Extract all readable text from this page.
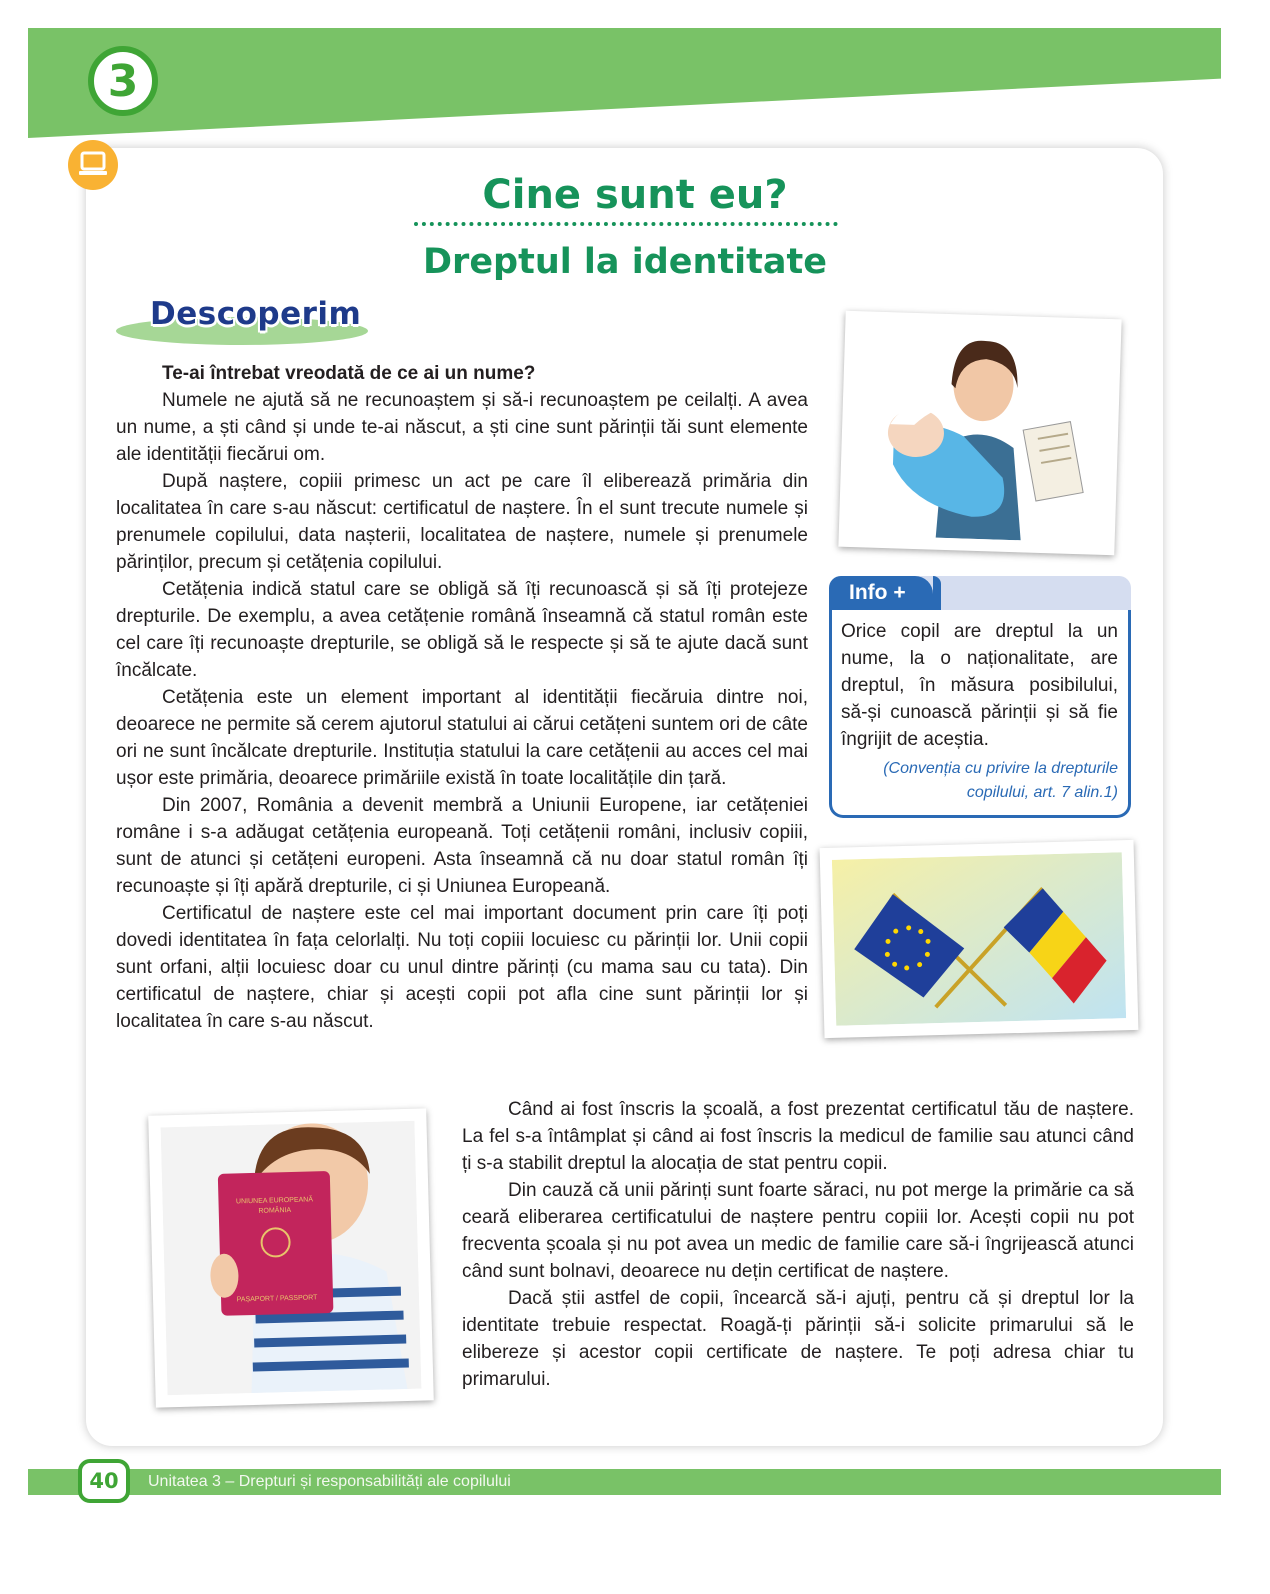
3
Cine sunt eu?
Dreptul la identitate
Descoperim

Te-ai întrebat vreodată de ce ai un nume?

Numele ne ajută să ne recunoaștem și să-i recunoaștem pe ceilalți. A avea un nume, a ști când și unde te-ai născut, a ști cine sunt părinții tăi sunt elemente ale identității fiecărui om.

După naștere, copiii primesc un act pe care îl eliberează primăria din localitatea în care s-au născut: certificatul de naștere. În el sunt trecute numele și prenumele copilului, data nașterii, localitatea de naștere, numele și prenumele părinților, precum și cetățenia copilului.

Cetățenia indică statul care se obligă să îți recunoască și să îți protejeze drepturile. De exemplu, a avea cetățenie română înseamnă că statul român este cel care îți recunoaște drepturile, se obligă să le respecte și să te ajute dacă sunt încălcate.

Cetățenia este un element important al identității fiecăruia dintre noi, deoarece ne permite să cerem ajutorul statului ai cărui cetățeni suntem ori de câte ori ne sunt încălcate drepturile. Instituția statului la care cetățenii au acces cel mai ușor este primăria, deoarece primăriile există în toate localitățile din țară.

Din 2007, România a devenit membră a Uniunii Europene, iar cetățeniei române i s-a adăugat cetățenia europeană. Toți cetățenii români, inclusiv copiii, sunt de atunci și cetățeni europeni. Asta înseamnă că nu doar statul român îți recunoaște și îți apără drepturile, ci și Uniunea Europeană.

Certificatul de naștere este cel mai important document prin care îți poți dovedi identitatea în fața celorlalți. Nu toți copiii locuiesc cu părinții lor. Unii copii sunt orfani, alții locuiesc doar cu unul dintre părinți (cu mama sau cu tata). Din certificatul de naștere, chiar și acești copii pot afla cine sunt părinții lor și localitatea în care s-au născut.

Info +
Orice copil are dreptul la un nume, la o naționalitate, are dreptul, în măsura posibilului, să-și cunoască părinții și să fie îngrijit de aceștia.
(Convenția cu privire la drepturile copilului, art. 7 alin.1)
UNIUNEA EUROPEANĂ
ROMÂNIA
PAȘAPORT / PASSPORT

Când ai fost înscris la școală, a fost prezentat certificatul tău de naștere. La fel s-a întâmplat și când ai fost înscris la medicul de familie sau atunci când ți s-a stabilit dreptul la alocația de stat pentru copii.

Din cauză că unii părinți sunt foarte săraci, nu pot merge la primărie ca să ceară eliberarea certificatului de naștere pentru copiii lor. Acești copii nu pot frecventa școala și nu pot avea un medic de familie care să-i îngrijească atunci când sunt bolnavi, deoarece nu dețin certificat de naștere.

Dacă știi astfel de copii, încearcă să-i ajuți, pentru că și dreptul lor la identitate trebuie respectat. Roagă-ți părinții să-i solicite primarului să le elibereze și acestor copii certificate de naștere. Te poți adresa chiar tu primarului.

40	Unitatea 3 – Drepturi și responsabilități ale copilului
